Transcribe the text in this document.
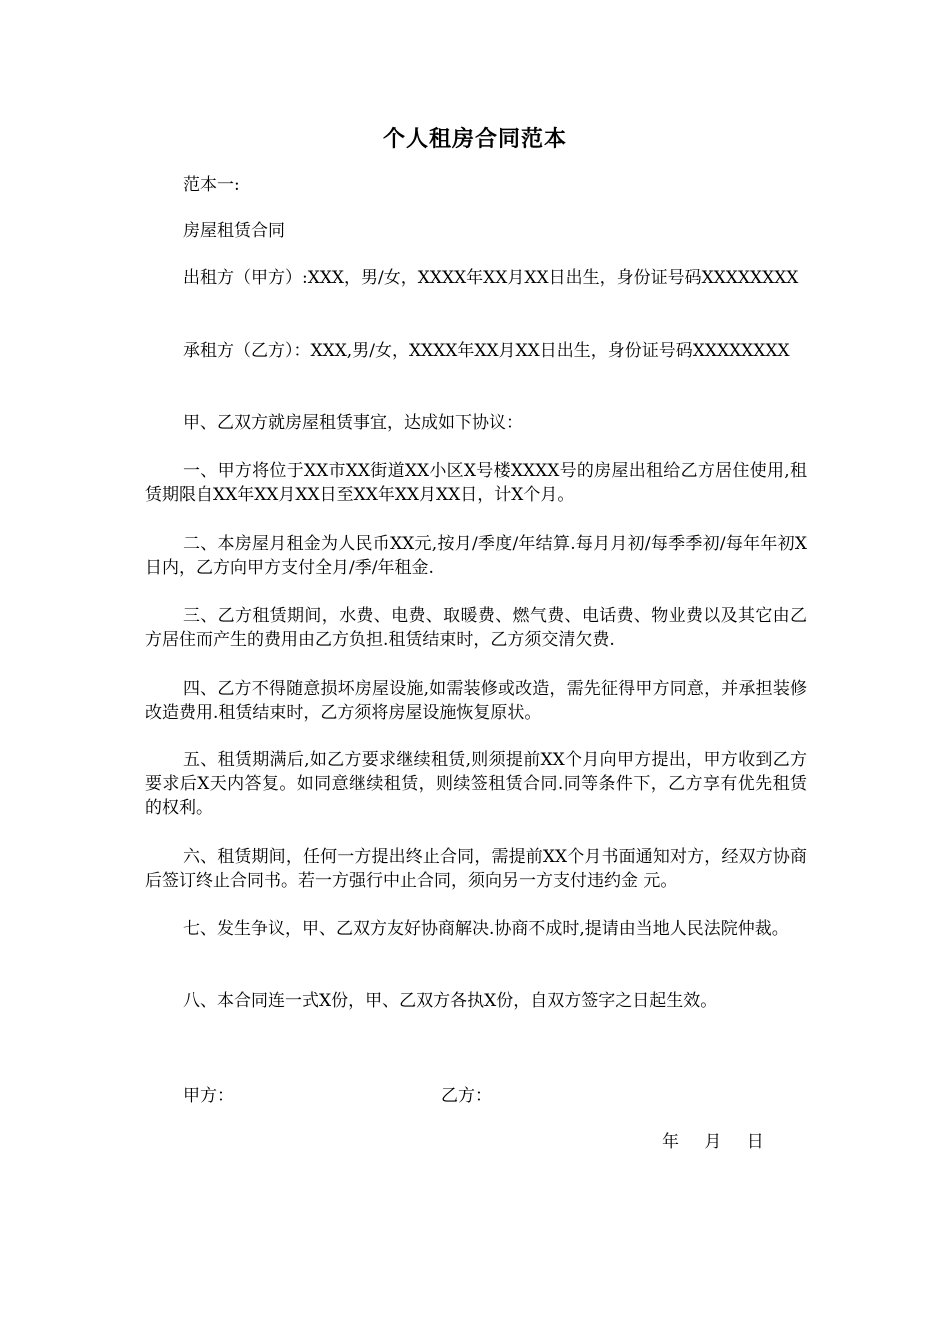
个人租房合同范本
范本一:
房屋租赁合同
出租方（甲方）:XXX，男/女，XXXX年XX月XX日出生，身份证号码XXXXXXXX
承租方（乙方）：XXX,男/女，XXXX年XX月XX日出生，身份证号码XXXXXXXX
甲、乙双方就房屋租赁事宜，达成如下协议：
一、甲方将位于XX市XX街道XX小区X号楼XXXX号的房屋出租给乙方居住使用,租赁期限自XX年XX月XX日至XX年XX月XX日，计X个月。
二、本房屋月租金为人民币XX元,按月/季度/年结算.每月月初/每季季初/每年年初X日内，乙方向甲方支付全月/季/年租金.
三、乙方租赁期间，水费、电费、取暖费、燃气费、电话费、物业费以及其它由乙方居住而产生的费用由乙方负担.租赁结束时，乙方须交清欠费.
四、乙方不得随意损坏房屋设施,如需装修或改造，需先征得甲方同意，并承担装修改造费用.租赁结束时，乙方须将房屋设施恢复原状。
五、租赁期满后,如乙方要求继续租赁,则须提前XX个月向甲方提出，甲方收到乙方要求后X天内答复。如同意继续租赁，则续签租赁合同.同等条件下，乙方享有优先租赁的权利。
六、租赁期间，任何一方提出终止合同，需提前XX个月书面通知对方，经双方协商后签订终止合同书。若一方强行中止合同，须向另一方支付违约金 元。
七、发生争议，甲、乙双方友好协商解决.协商不成时,提请由当地人民法院仲裁。
八、本合同连一式X份，甲、乙双方各执X份，自双方签字之日起生效。
甲方：	乙方：
年 月 日
